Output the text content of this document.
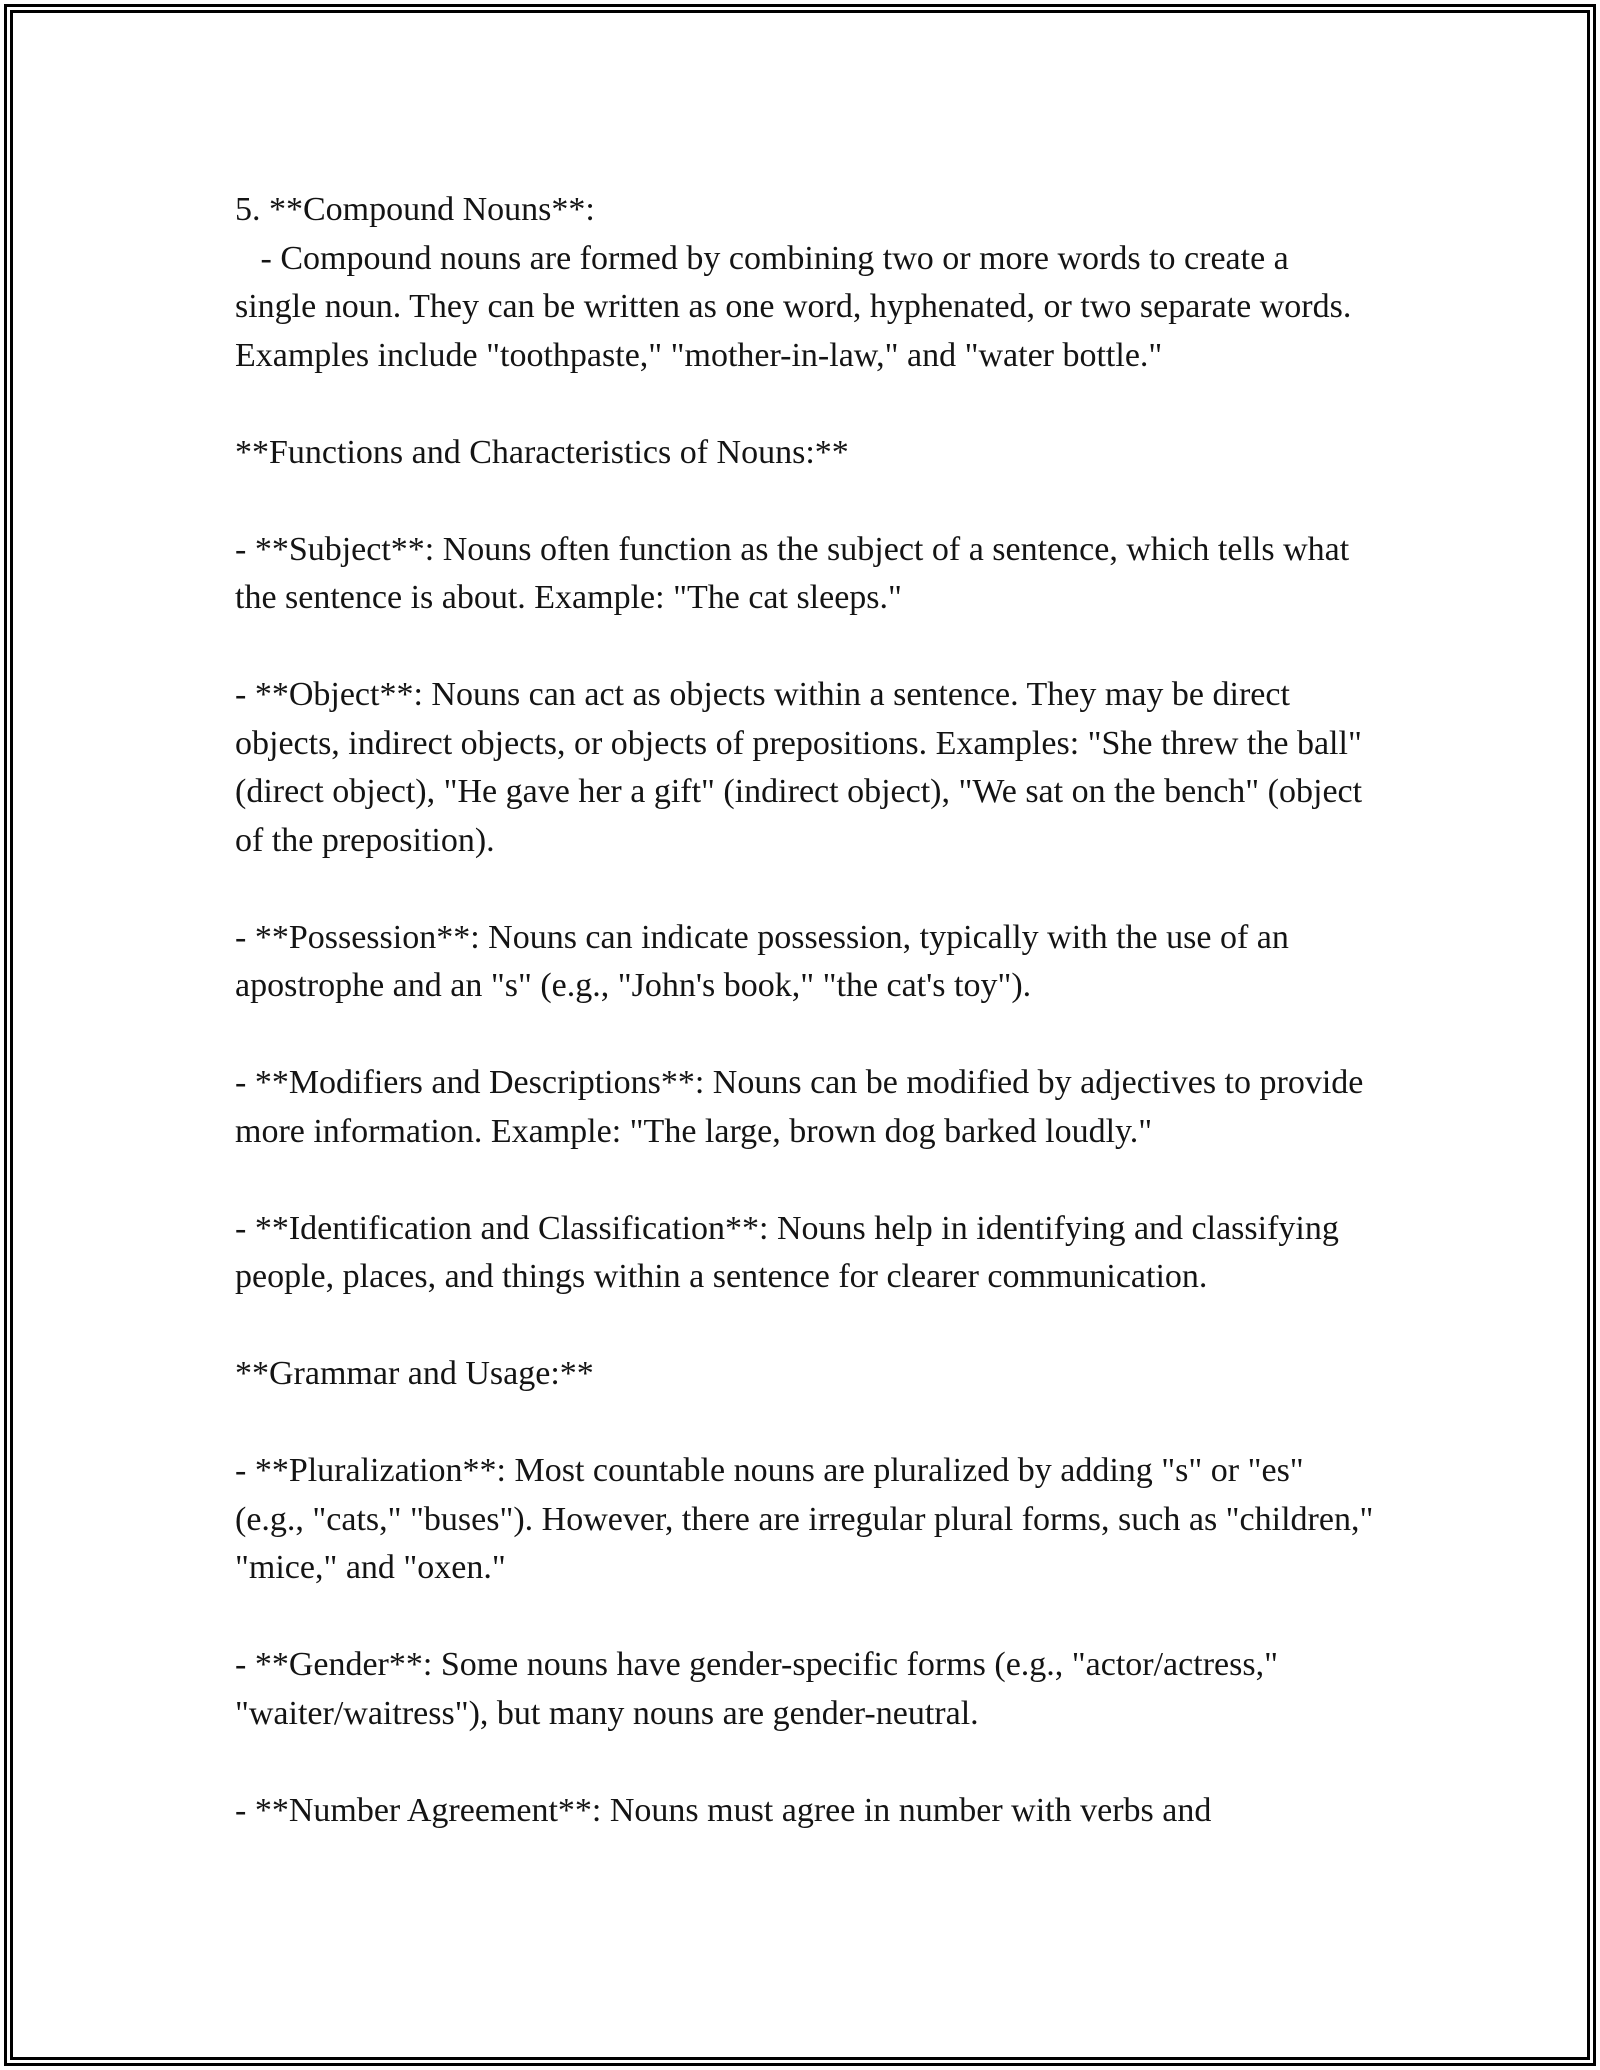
5. **Compound Nouns**:
- Compound nouns are formed by combining two or more words to create a single noun. They can be written as one word, hyphenated, or two separate words. Examples include "toothpaste," "mother-in-law," and "water bottle."

**Functions and Characteristics of Nouns:**

- **Subject**: Nouns often function as the subject of a sentence, which tells what the sentence is about. Example: "The cat sleeps."

- **Object**: Nouns can act as objects within a sentence. They may be direct objects, indirect objects, or objects of prepositions. Examples: "She threw the ball" (direct object), "He gave her a gift" (indirect object), "We sat on the bench" (object of the preposition).

- **Possession**: Nouns can indicate possession, typically with the use of an apostrophe and an "s" (e.g., "John's book," "the cat's toy").

- **Modifiers and Descriptions**: Nouns can be modified by adjectives to provide more information. Example: "The large, brown dog barked loudly."

- **Identification and Classification**: Nouns help in identifying and classifying people, places, and things within a sentence for clearer communication.

**Grammar and Usage:**

- **Pluralization**: Most countable nouns are pluralized by adding "s" or "es" (e.g., "cats," "buses"). However, there are irregular plural forms, such as "children," "mice," and "oxen."

- **Gender**: Some nouns have gender-specific forms (e.g., "actor/actress," "waiter/waitress"), but many nouns are gender-neutral.

- **Number Agreement**: Nouns must agree in number with verbs and
